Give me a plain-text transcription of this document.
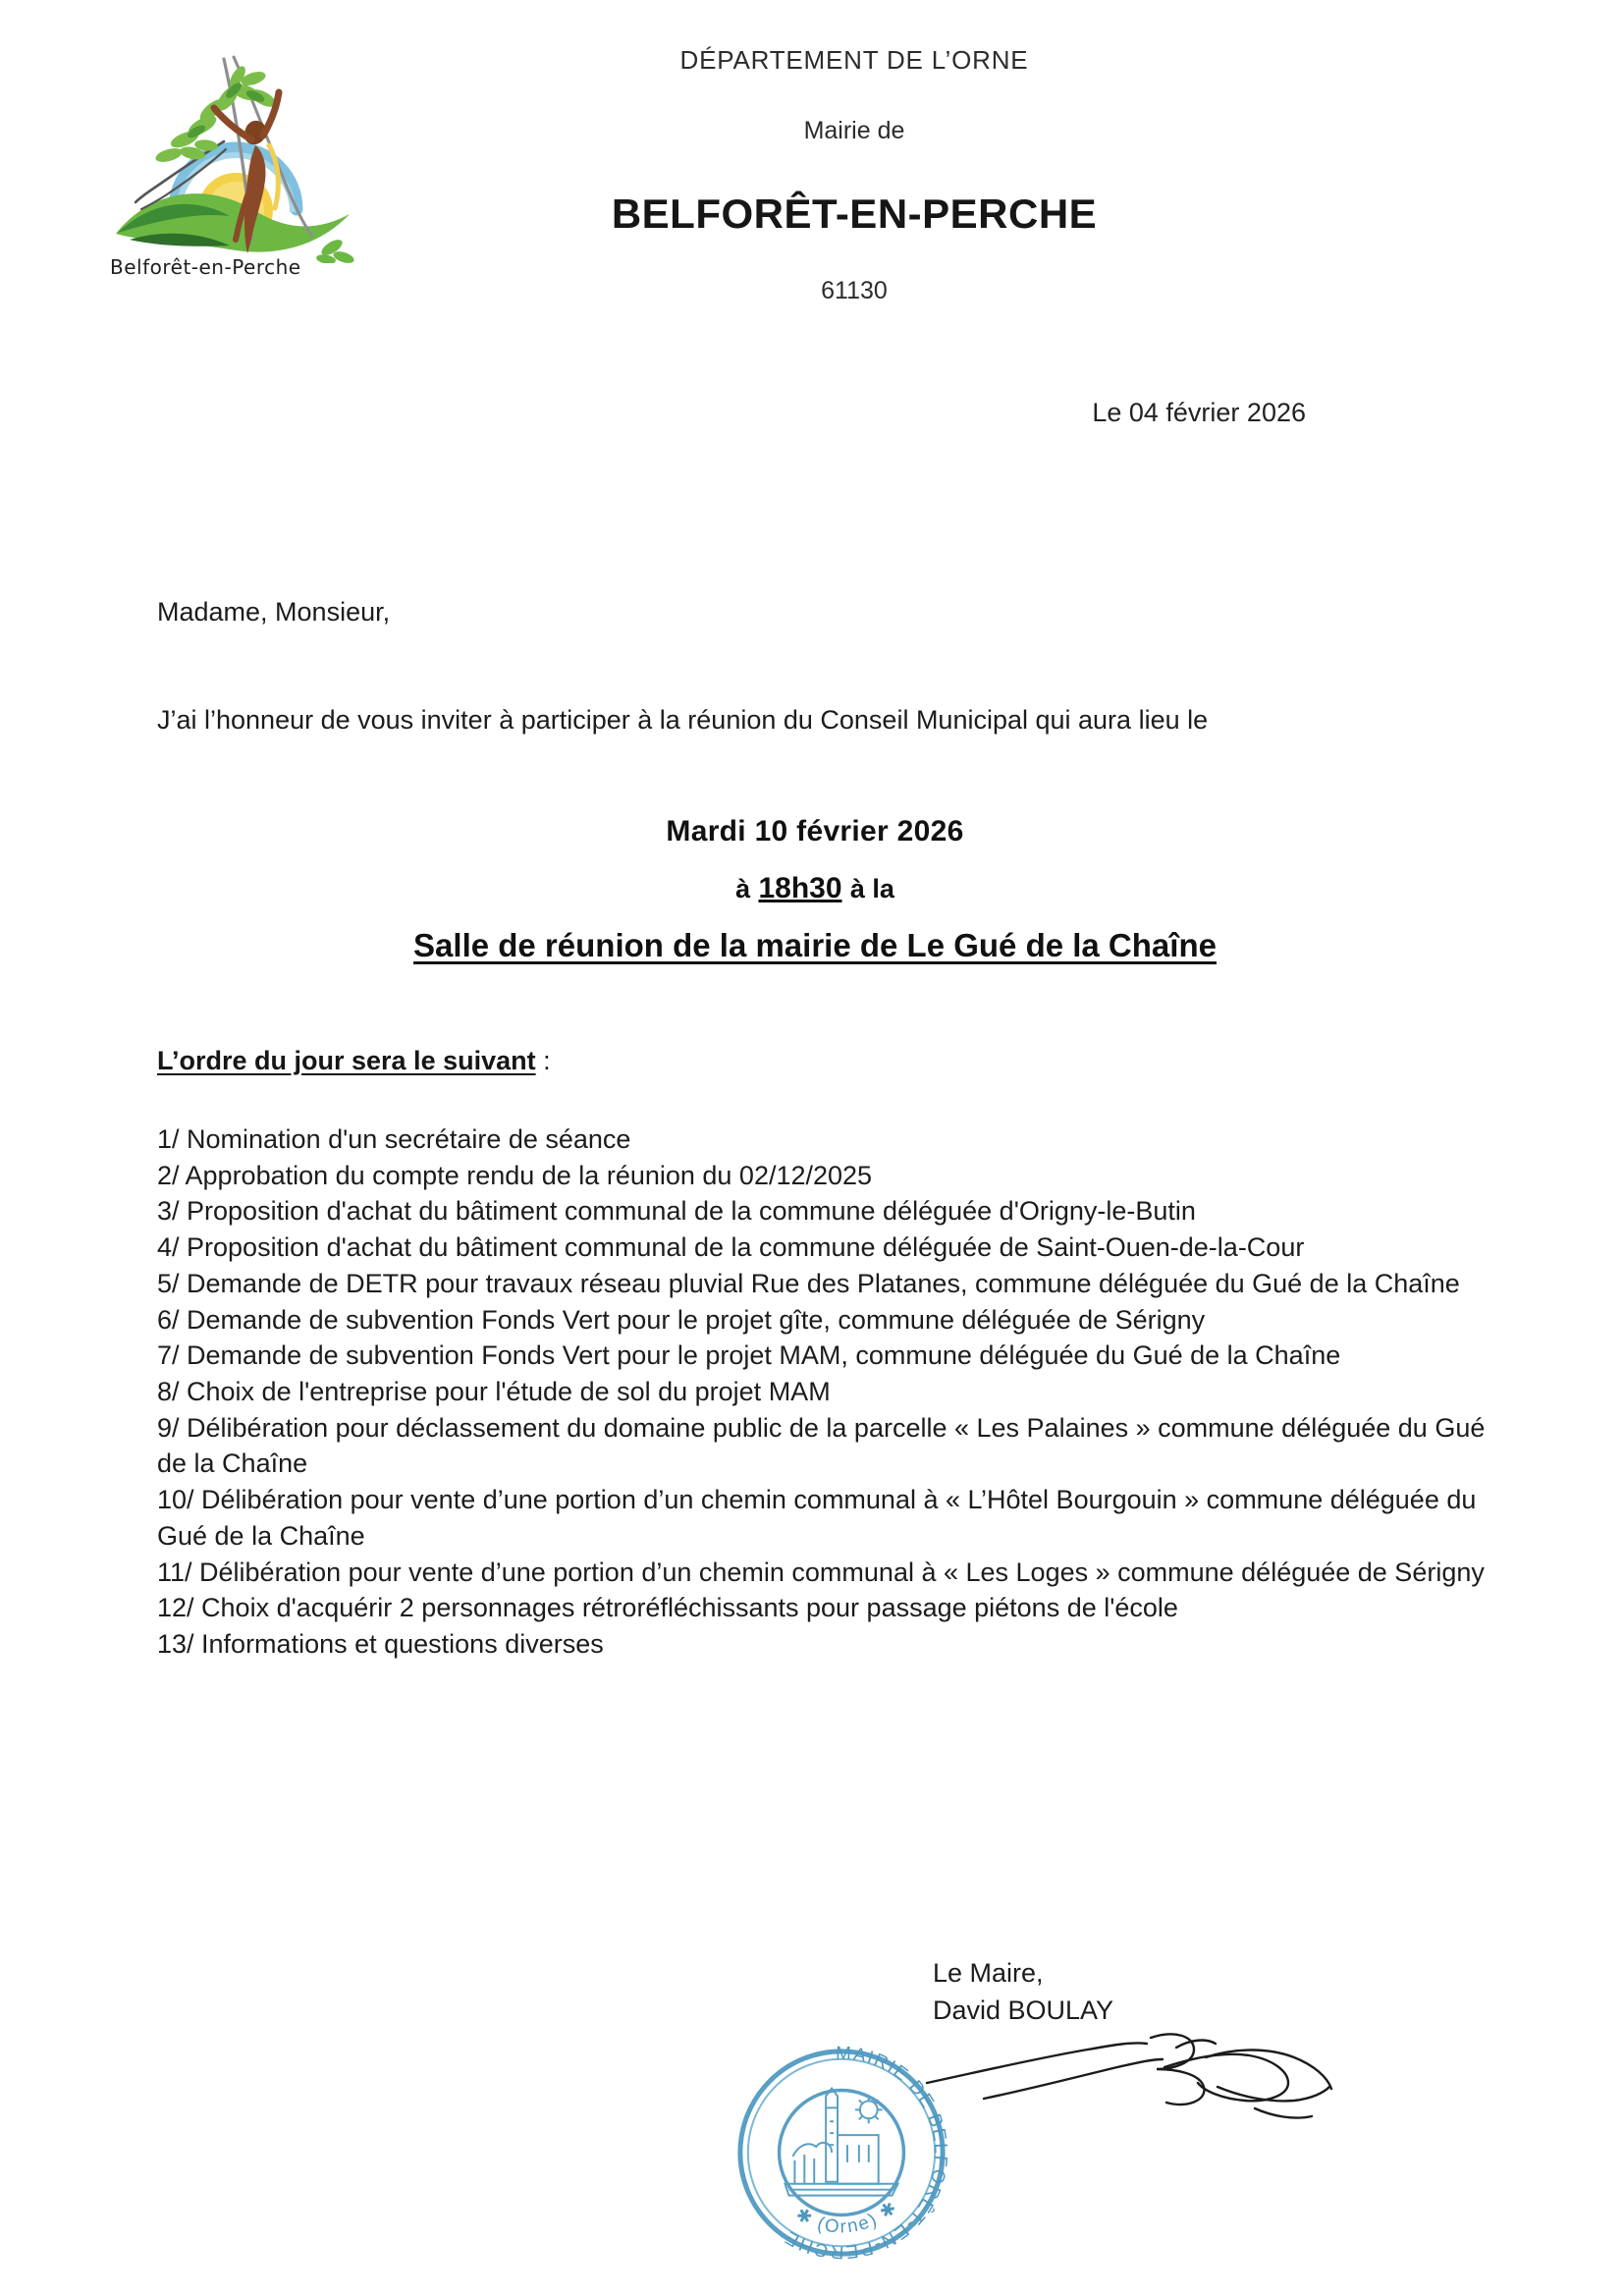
Belforêt-en-Perche

DÉPARTEMENT DE L’ORNE

Mairie de

BELFORÊT-EN-PERCHE

61130

Le 04 février 2026
Madame, Monsieur,
J’ai l’honneur de vous inviter à participer à la réunion du Conseil Municipal qui aura lieu le

Mardi 10 février 2026

à 18h30 à la

Salle de réunion de la mairie de Le Gué de la Chaîne

L’ordre du jour sera le suivant :
1/ Nomination d'un secrétaire de séance
2/ Approbation du compte rendu de la réunion du 02/12/2025
3/ Proposition d'achat du bâtiment communal de la commune déléguée d'Origny-le-Butin
4/ Proposition d'achat du bâtiment communal de la commune déléguée de Saint-Ouen-de-la-Cour
5/ Demande de DETR pour travaux réseau pluvial Rue des Platanes, commune déléguée du Gué de la Chaîne
6/ Demande de subvention Fonds Vert pour le projet gîte, commune déléguée de Sérigny
7/ Demande de subvention Fonds Vert pour le projet MAM, commune déléguée du Gué de la Chaîne
8/ Choix de l'entreprise pour l'étude de sol du projet MAM
9/ Délibération pour déclassement du domaine public de la parcelle « Les Palaines » commune déléguée du Gué de la Chaîne
10/ Délibération pour vente d’une portion d’un chemin communal à « L’Hôtel Bourgouin » commune déléguée du Gué de la Chaîne
11/ Délibération pour vente d’une portion d’un chemin communal à « Les Loges » commune déléguée de Sérigny
12/ Choix d'acquérir 2 personnages rétroréfléchissants pour passage piétons de l'école
13/ Informations et questions diverses
Le Maire,
David BOULAY
MAIRIE DE BELFORÊT-EN-PERCHE
✱ (Orne) ✱
